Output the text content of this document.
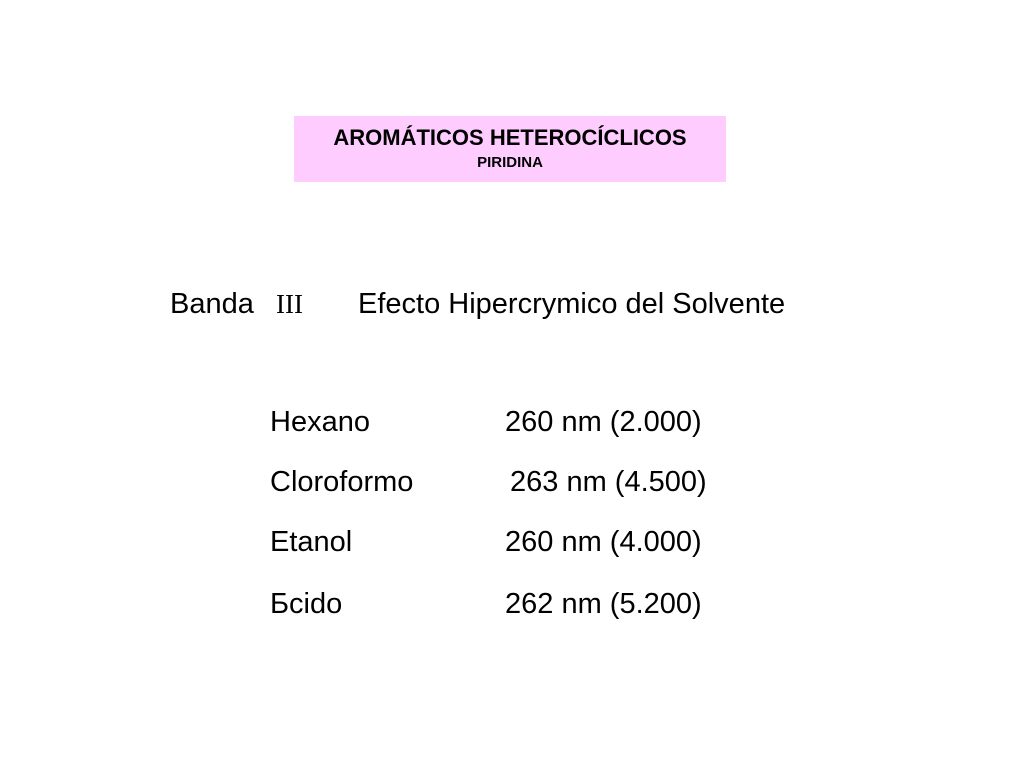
AROMÁTICOS HETEROCÍCLICOS
PIRIDINA
Banda III Efecto Hipercrymico del Solvente
Hexano	260 nm (2.000)
Cloroformo	263 nm (4.500)
Etanol	260 nm (4.000)
Бcido	262 nm (5.200)
